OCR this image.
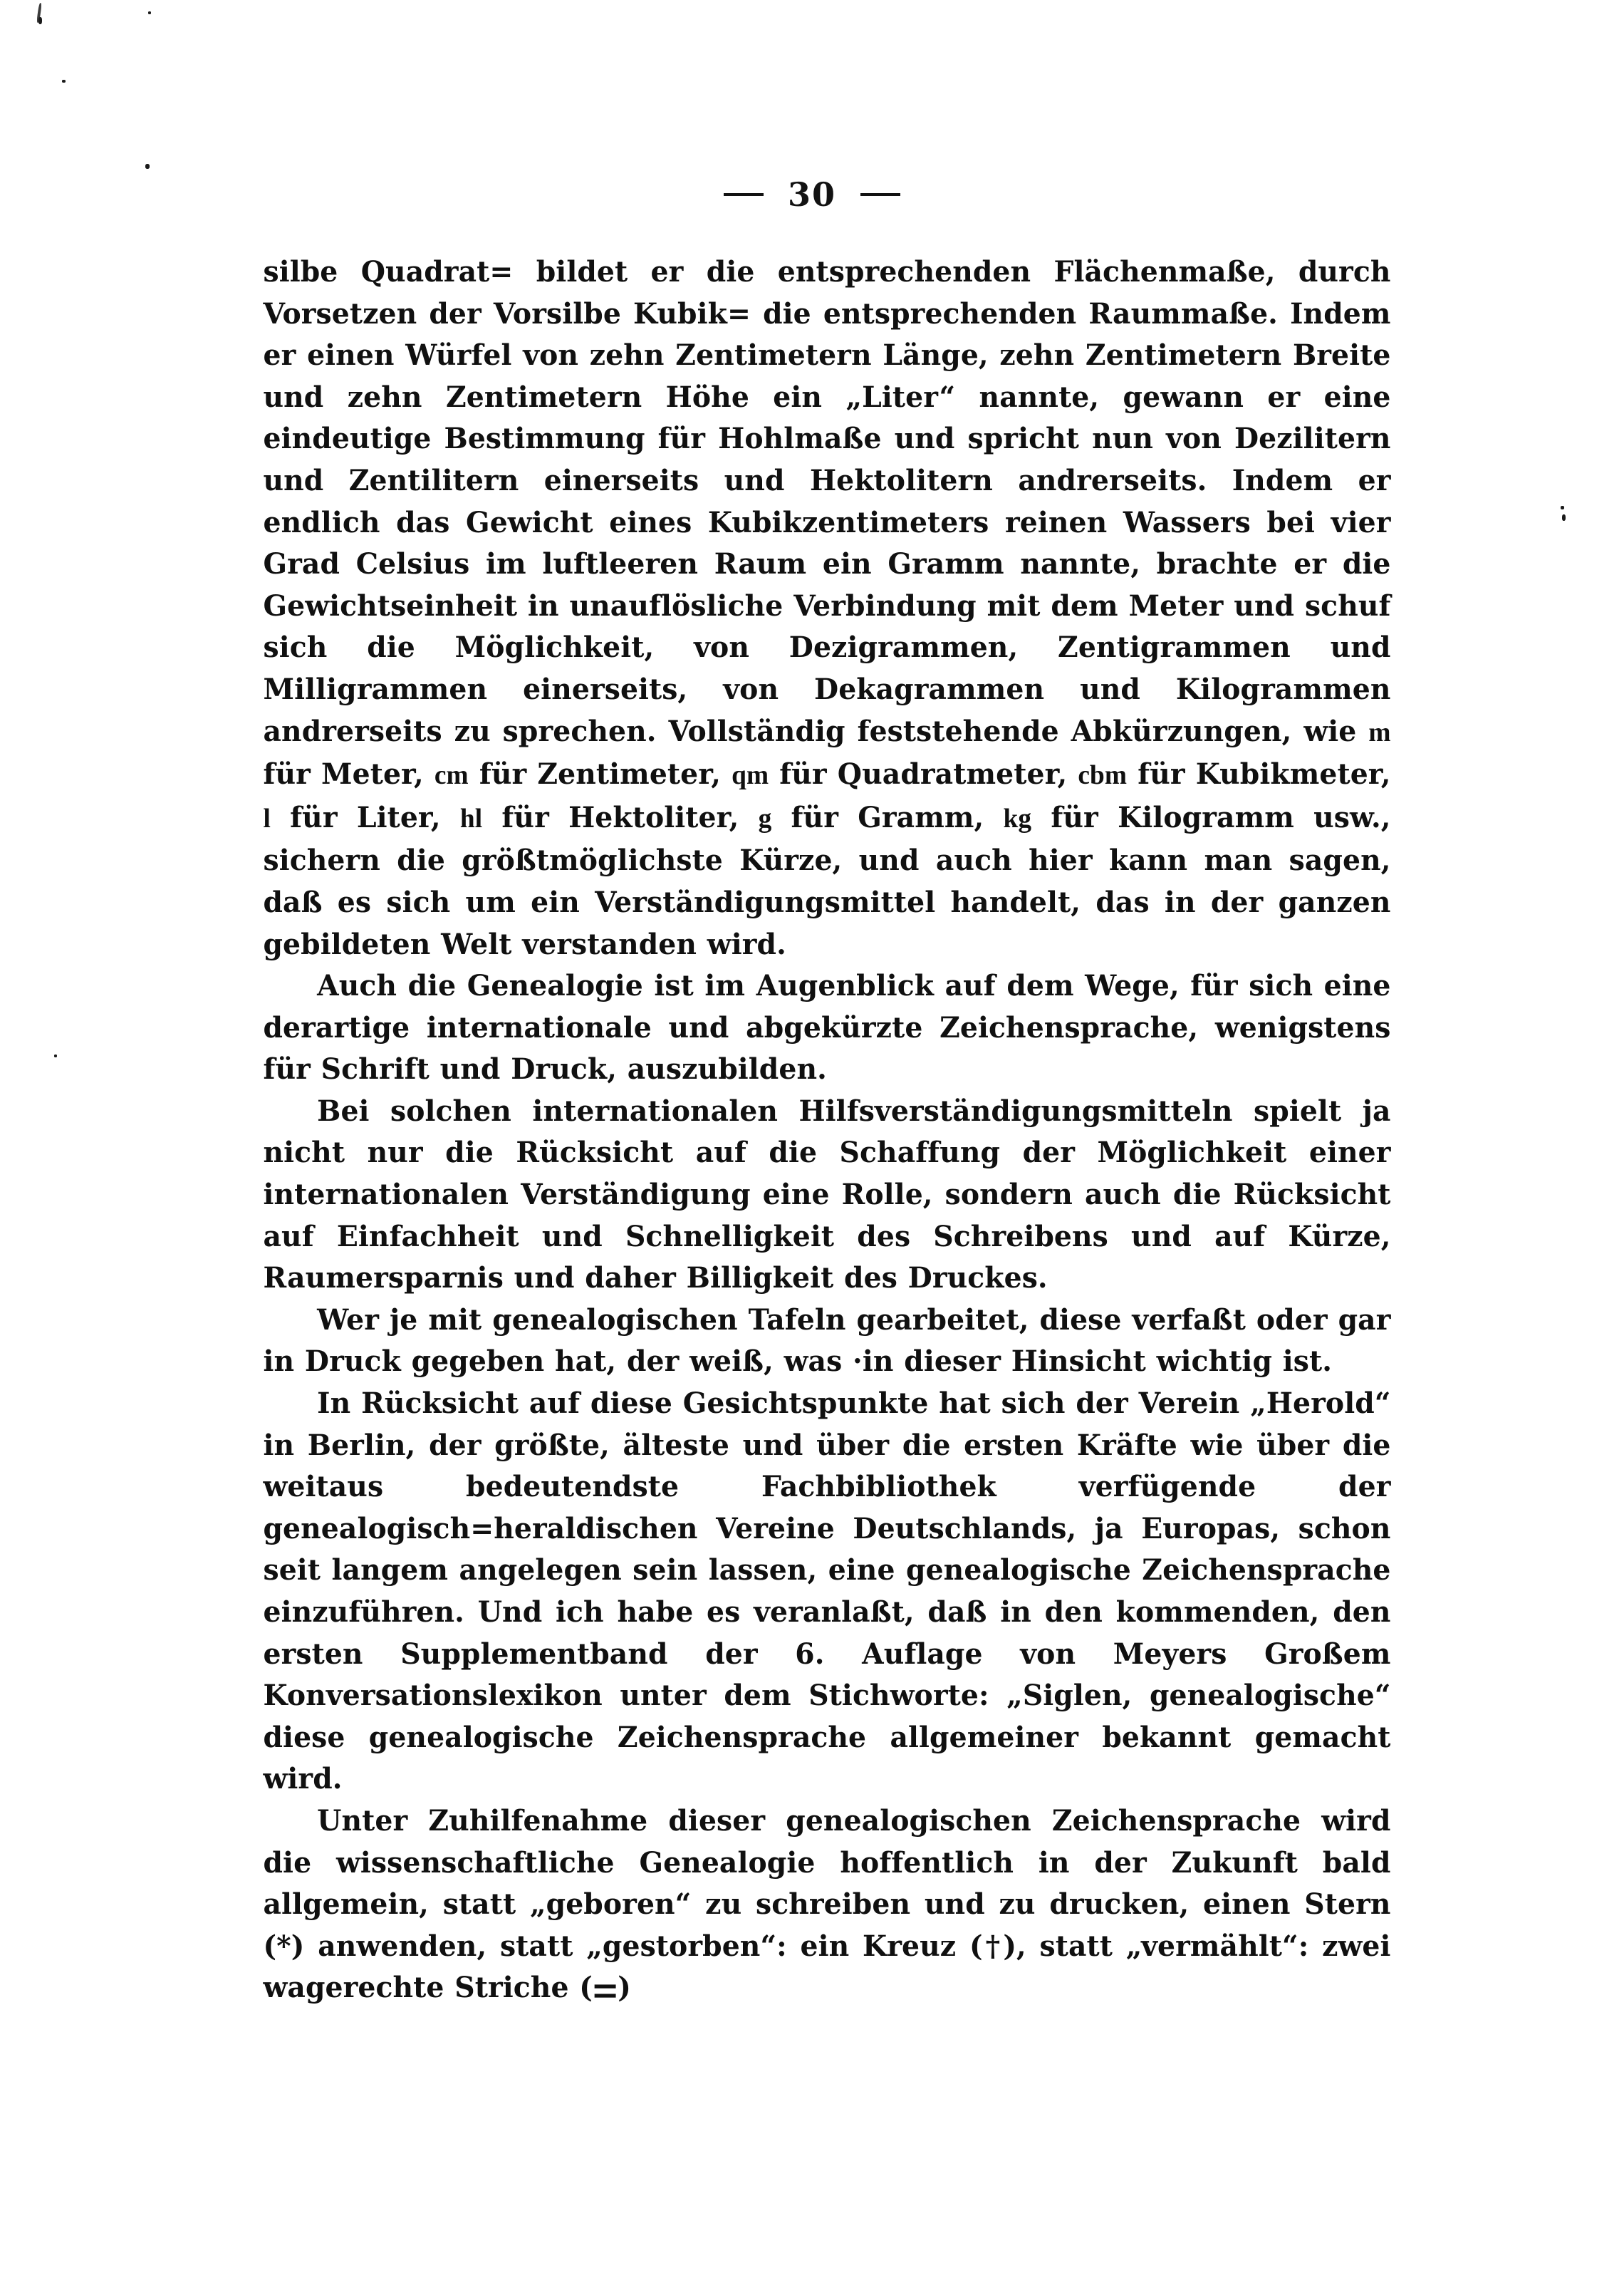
30

silbe Quadrat= bildet er die entsprechenden Flächenmaße, durch Vorsetzen der Vorsilbe Kubik= die entsprechenden Raummaße. Indem er einen Würfel von zehn Zentimetern Länge, zehn Zentimetern Breite und zehn Zentimetern Höhe ein „Liter“ nannte, gewann er eine eindeutige Bestimmung für Hohlmaße und spricht nun von Dezilitern und Zentilitern einerseits und Hektolitern andrerseits. Indem er endlich das Gewicht eines Kubikzentimeters reinen Wassers bei vier Grad Celsius im luftleeren Raum ein Gramm nannte, brachte er die Gewichtseinheit in unauflösliche Verbindung mit dem Meter und schuf sich die Möglichkeit, von Dezigrammen, Zentigrammen und Milligrammen einerseits, von Dekagrammen und Kilogrammen andrerseits zu sprechen. Vollständig feststehende Abkürzungen, wie m für Meter, cm für Zentimeter, qm für Quadratmeter, cbm für Kubikmeter, l für Liter, hl für Hektoliter, g für Gramm, kg für Kilogramm usw., sichern die größtmöglichste Kürze, und auch hier kann man sagen, daß es sich um ein Verständigungsmittel handelt, das in der ganzen gebildeten Welt verstanden wird.

Auch die Genealogie ist im Augenblick auf dem Wege, für sich eine derartige internationale und abgekürzte Zeichensprache, wenigstens für Schrift und Druck, auszubilden.

Bei solchen internationalen Hilfsverständigungsmitteln spielt ja nicht nur die Rücksicht auf die Schaffung der Möglichkeit einer internationalen Verständigung eine Rolle, sondern auch die Rücksicht auf Einfachheit und Schnelligkeit des Schreibens und auf Kürze, Raumersparnis und daher Billigkeit des Druckes.

Wer je mit genealogischen Tafeln gearbeitet, diese verfaßt oder gar in Druck gegeben hat, der weiß, was ·in dieser Hinsicht wichtig ist.

In Rücksicht auf diese Gesichtspunkte hat sich der Verein „Herold“ in Berlin, der größte, älteste und über die ersten Kräfte wie über die weitaus bedeutendste Fachbibliothek verfügende der genealogisch=heraldischen Vereine Deutschlands, ja Europas, schon seit langem angelegen sein lassen, eine genealogische Zeichensprache einzuführen. Und ich habe es veranlaßt, daß in den kommenden, den ersten Supplementband der 6. Auflage von Meyers Großem Konversationslexikon unter dem Stichworte: „Siglen, genealogische“ diese genealogische Zeichensprache allgemeiner bekannt gemacht wird.

Unter Zuhilfenahme dieser genealogischen Zeichensprache wird die wissenschaftliche Genealogie hoffentlich in der Zukunft bald allgemein, statt „geboren“ zu schreiben und zu drucken, einen Stern (*) anwenden, statt „gestorben“: ein Kreuz (†), statt „vermählt“: zwei wagerechte Striche (⚌)
